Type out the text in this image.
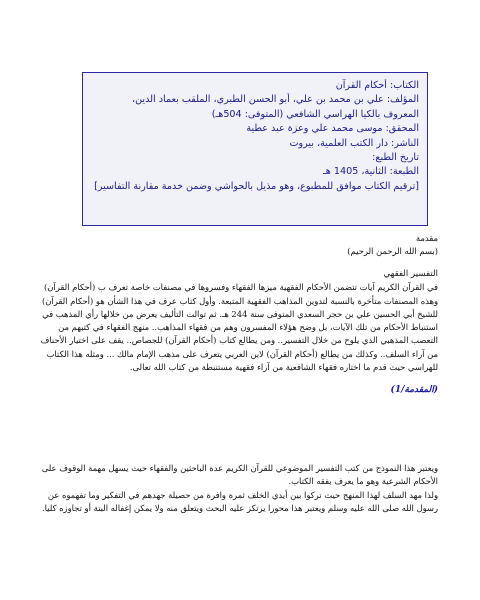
الكتاب: أحكام القرآن
المؤلف: علي بن محمد بن علي، أبو الحسن الطبري، الملقب بعماد الدين،
المعروف بالكيا الهراسي الشافعي (المتوفى: 504هـ)
المحقق: موسى محمد علي وعزة عبد عطية
الناشر: دار الكتب العلمية، بيروت
تاريخ الطبع:
الطبعة: الثانية، 1405 هـ
[ترقيم الكتاب موافق للمطبوع، وهو مذيل بالحواشي وضمن خدمة مقارنة التفاسير]

مقدمة

(بسم الله الرحمن الرحيم)

التفسير الفقهي

في القرآن الكريم آيات تتضمن الأحكام الفقهية ميزها الفقهاء وفسروها في مصنفات خاصة تعرف ب (أحكام القرآن) وهذه المصنفات متأخرة بالنسبة لتدوين المذاهب الفقهية المتبعة. وأول كتاب عرف في هذا الشأن هو (أحكام القرآن) للشيخ أبي الحسين علي بن حجر السعدي المتوفى سنة 244 هـ. ثم توالت التأليف يعرض من خلالها رأي المذهب في استنباط الأحكام من تلك الآيات، بل وضح هؤلاء المفسرون وهم من فقهاء المذاهب.. منهج الفقهاء في كتبهم من التعصب المذهبي الذي يلوح من خلال التفسير.. ومن يطالع كتاب (أحكام القرآن) للجصاص.. يقف على اختيار الأحناف من آراء السلف.. وكذلك من يطالع (أحكام القرآن) لابن العربي يتعرف على مذهب الإمام مالك ... ومثله هذا الكتاب للهراسي حيث قدم ما اختاره فقهاء الشافعية من آراء فقهية مستنبطة من كتاب الله تعالى.

(المقدمة/1)

ويعتبر هذا النموذج من كتب التفسير الموضوعي للقرآن الكريم عدة الباحثين والفقهاء حيث يسهل مهمة الوقوف على الأحكام الشرعية وهو ما يعرف بفقه الكتاب.

ولذا مهد السلف لهذا المنهج حيث تركوا بين أيدي الخلف ثمرة وافرة من حصيلة جهدهم في التفكير وما تفهموه عن رسول الله صلى الله عليه وسلم ويعتبر هذا محورا يرتكز عليه البحث ويتعلق منه ولا يمكن إغفاله البتة أو تجاوزه كليا.
